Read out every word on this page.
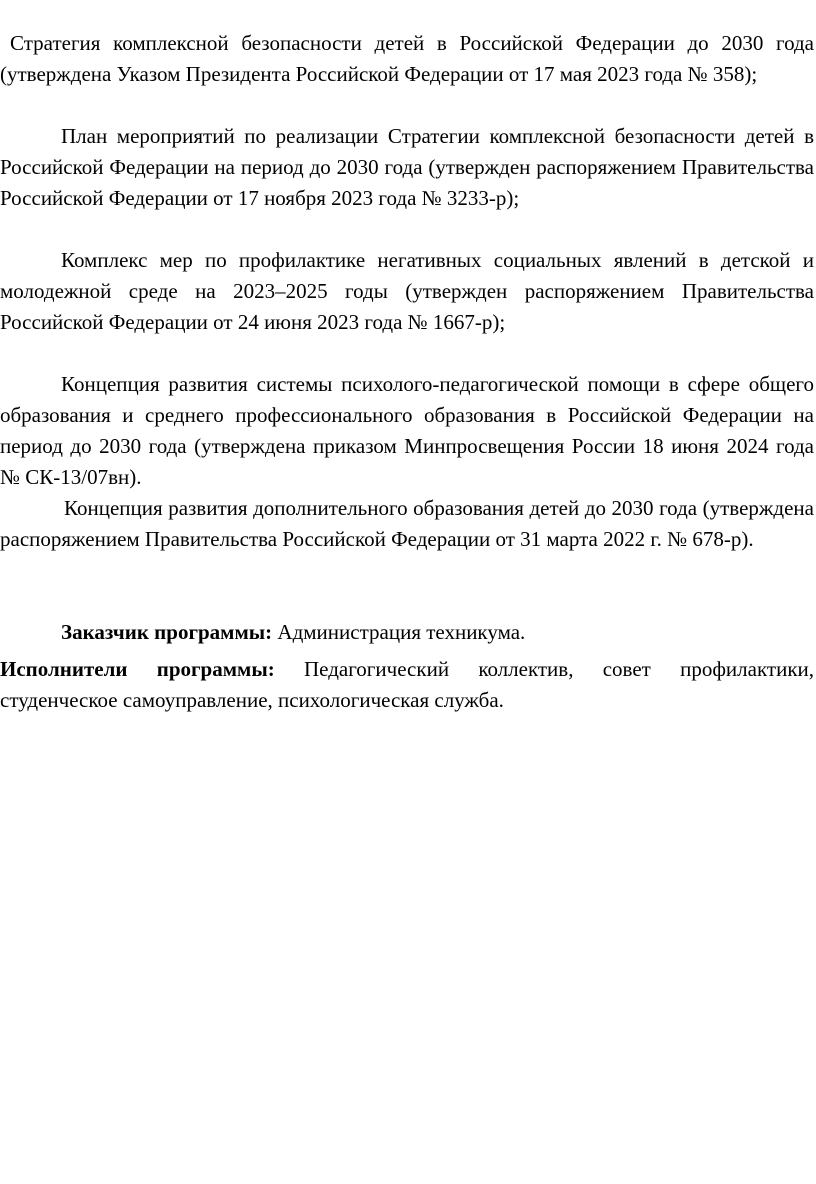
Стратегия комплексной безопасности детей в Российской Федерации до 2030 года (утверждена Указом Президента Российской Федерации от 17 мая 2023 года № 358);

План мероприятий по реализации Стратегии комплексной безопасности детей в Российской Федерации на период до 2030 года (утвержден распоряжением Правительства Российской Федерации от 17 ноября 2023 года № 3233-р);

Комплекс мер по профилактике негативных социальных явлений в детской и молодежной среде на 2023–2025 годы (утвержден распоряжением Правительства Российской Федерации от 24 июня 2023 года № 1667-р);

Концепция развития системы психолого-педагогической помощи в сфере общего образования и среднего профессионального образования в Российской Федерации на период до 2030 года (утверждена приказом Минпросвещения России 18 июня 2024 года № СК-13/07вн).

Концепция развития дополнительного образования детей до 2030 года (утверждена распоряжением Правительства Российской Федерации от 31 марта 2022 г. № 678-р).

Заказчик программы: Администрация техникума.

Исполнители программы: Педагогический коллектив, совет профилактики, студенческое самоуправление, психологическая служба.
